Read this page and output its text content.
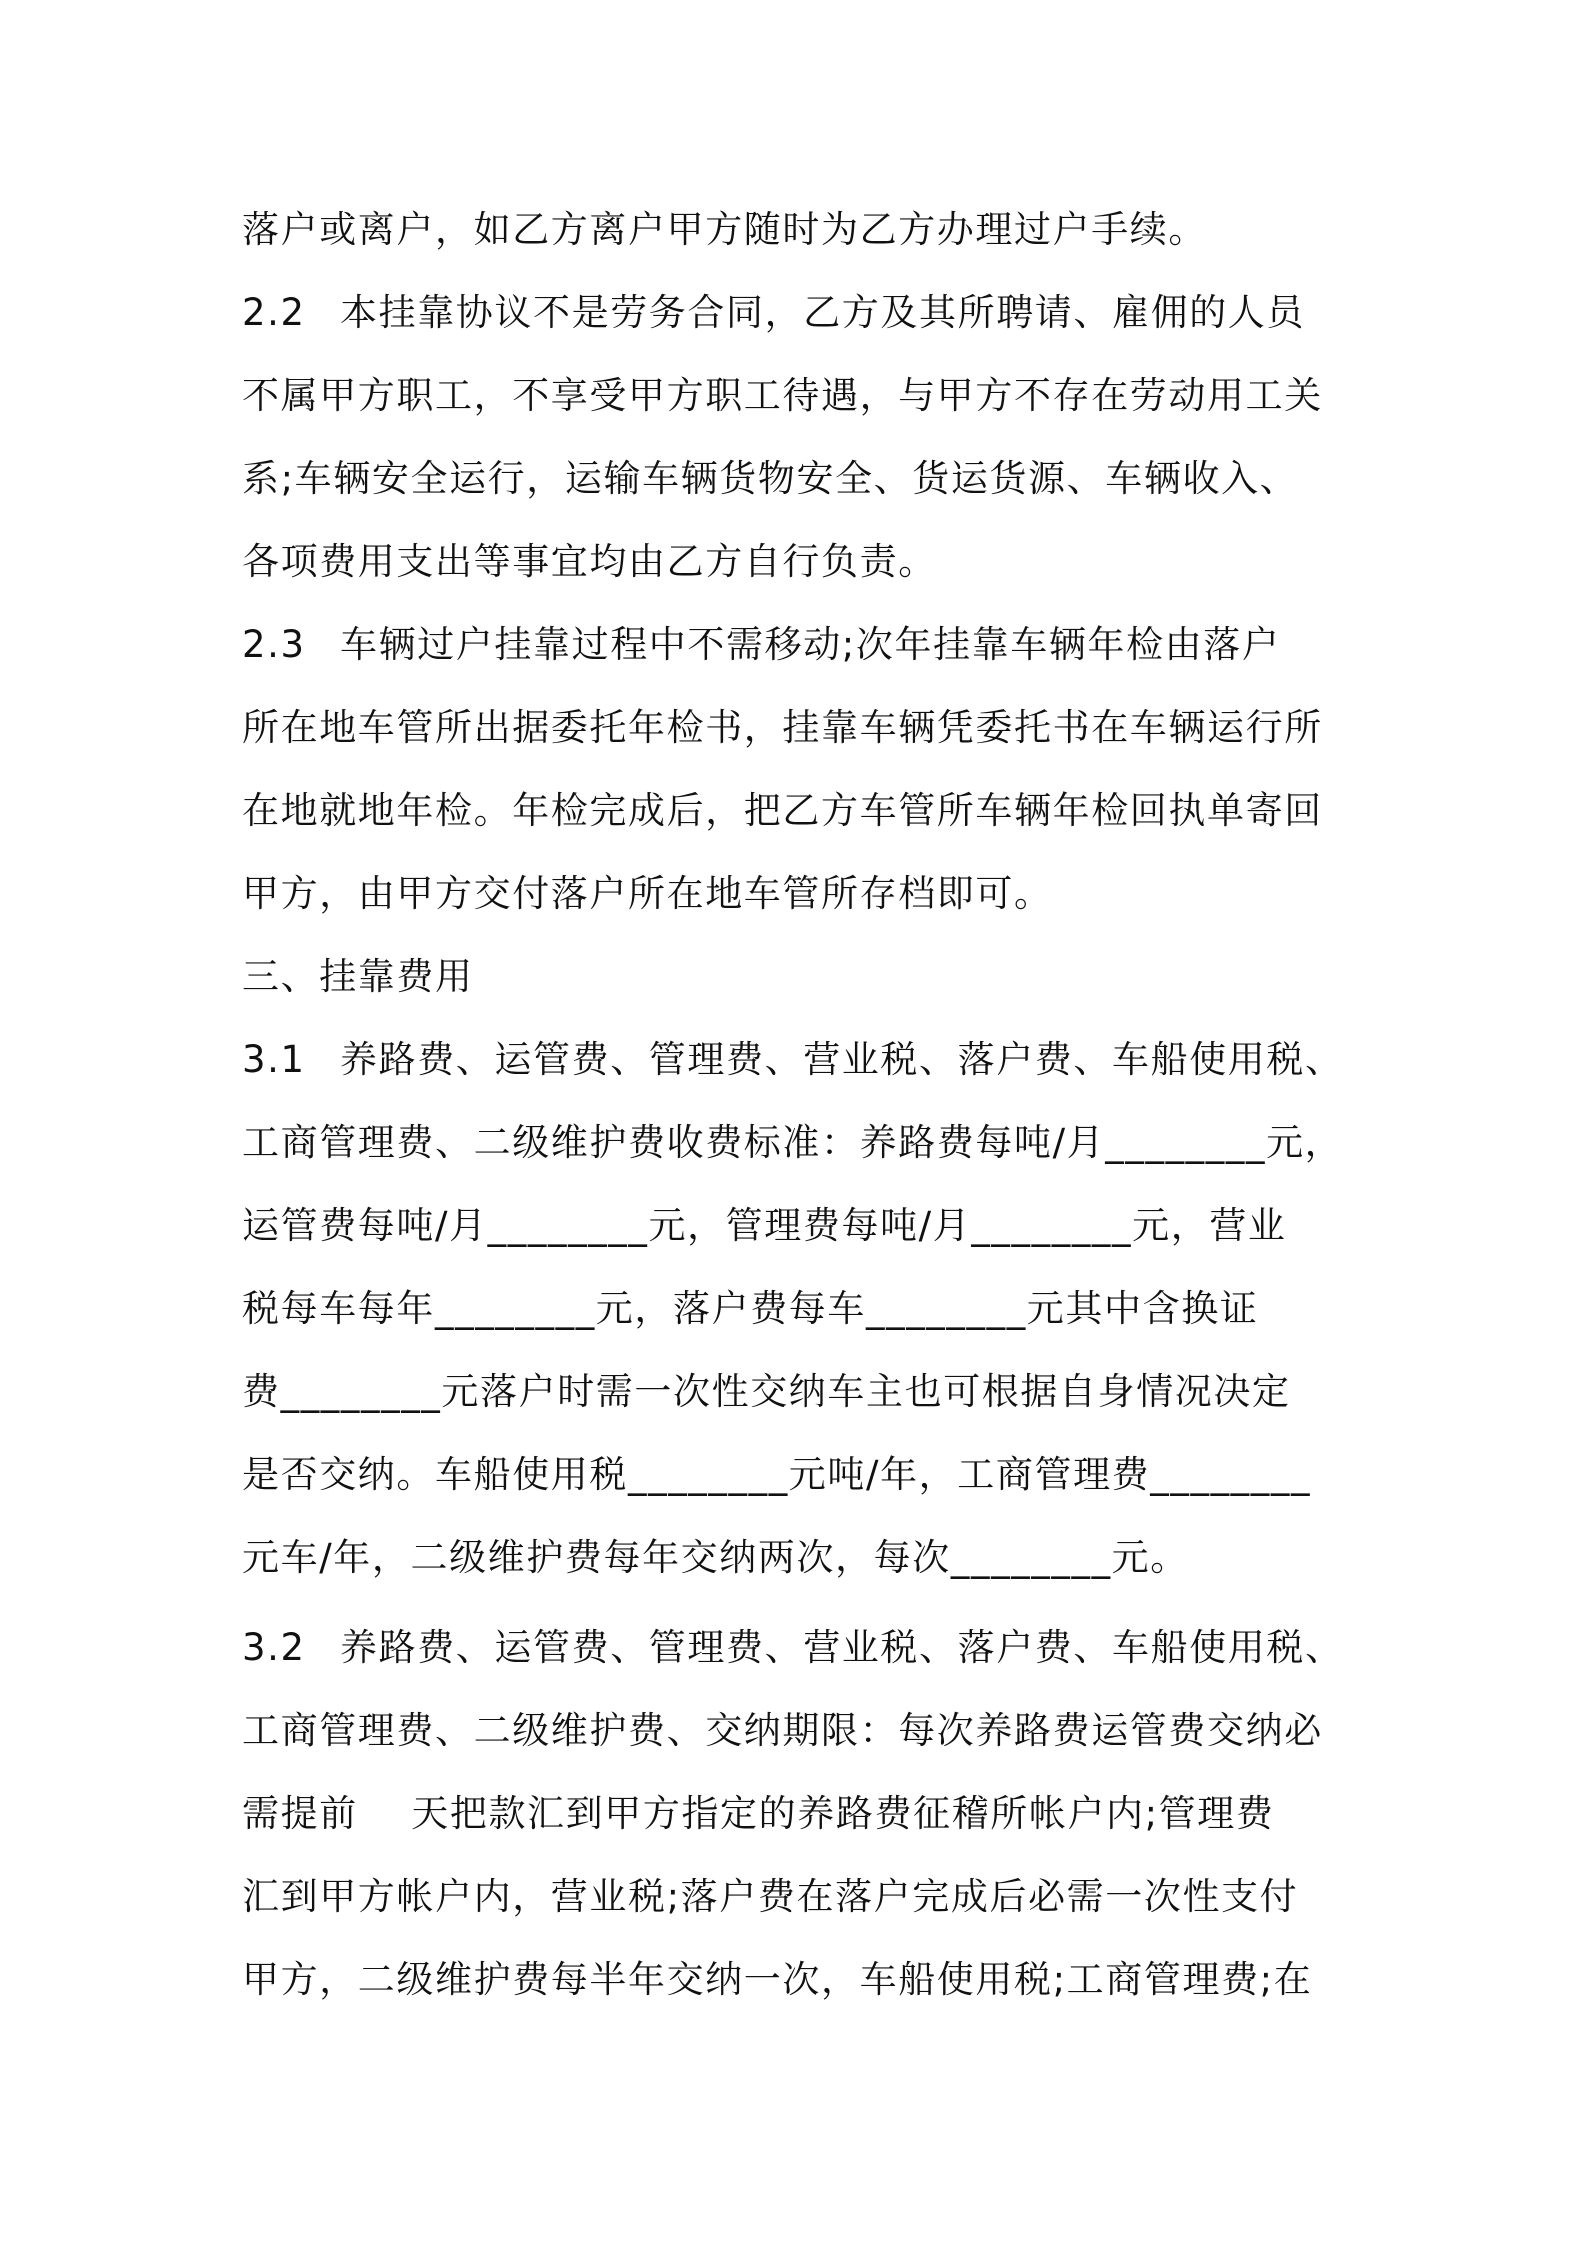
落户或离户，如乙方离户甲方随时为乙方办理过户手续。
2.2 本挂靠协议不是劳务合同，乙方及其所聘请、雇佣的人员
不属甲方职工，不享受甲方职工待遇，与甲方不存在劳动用工关
系;车辆安全运行，运输车辆货物安全、货运货源、车辆收入、
各项费用支出等事宜均由乙方自行负责。
2.3 车辆过户挂靠过程中不需移动;次年挂靠车辆年检由落户
所在地车管所出据委托年检书，挂靠车辆凭委托书在车辆运行所
在地就地年检。年检完成后，把乙方车管所车辆年检回执单寄回
甲方，由甲方交付落户所在地车管所存档即可。
三、挂靠费用
3.1 养路费、运管费、管理费、营业税、落户费、车船使用税、
工商管理费、二级维护费收费标准：养路费每吨/月________元，
运管费每吨/月________元，管理费每吨/月________元，营业
税每车每年________元，落户费每车________元其中含换证
费________元落户时需一次性交纳车主也可根据自身情况决定
是否交纳。车船使用税________元吨/年，工商管理费________
元车/年，二级维护费每年交纳两次，每次________元。
3.2 养路费、运管费、管理费、营业税、落户费、车船使用税、
工商管理费、二级维护费、交纳期限：每次养路费运管费交纳必
需提前    天把款汇到甲方指定的养路费征稽所帐户内;管理费
汇到甲方帐户内，营业税;落户费在落户完成后必需一次性支付
甲方，二级维护费每半年交纳一次，车船使用税;工商管理费;在
